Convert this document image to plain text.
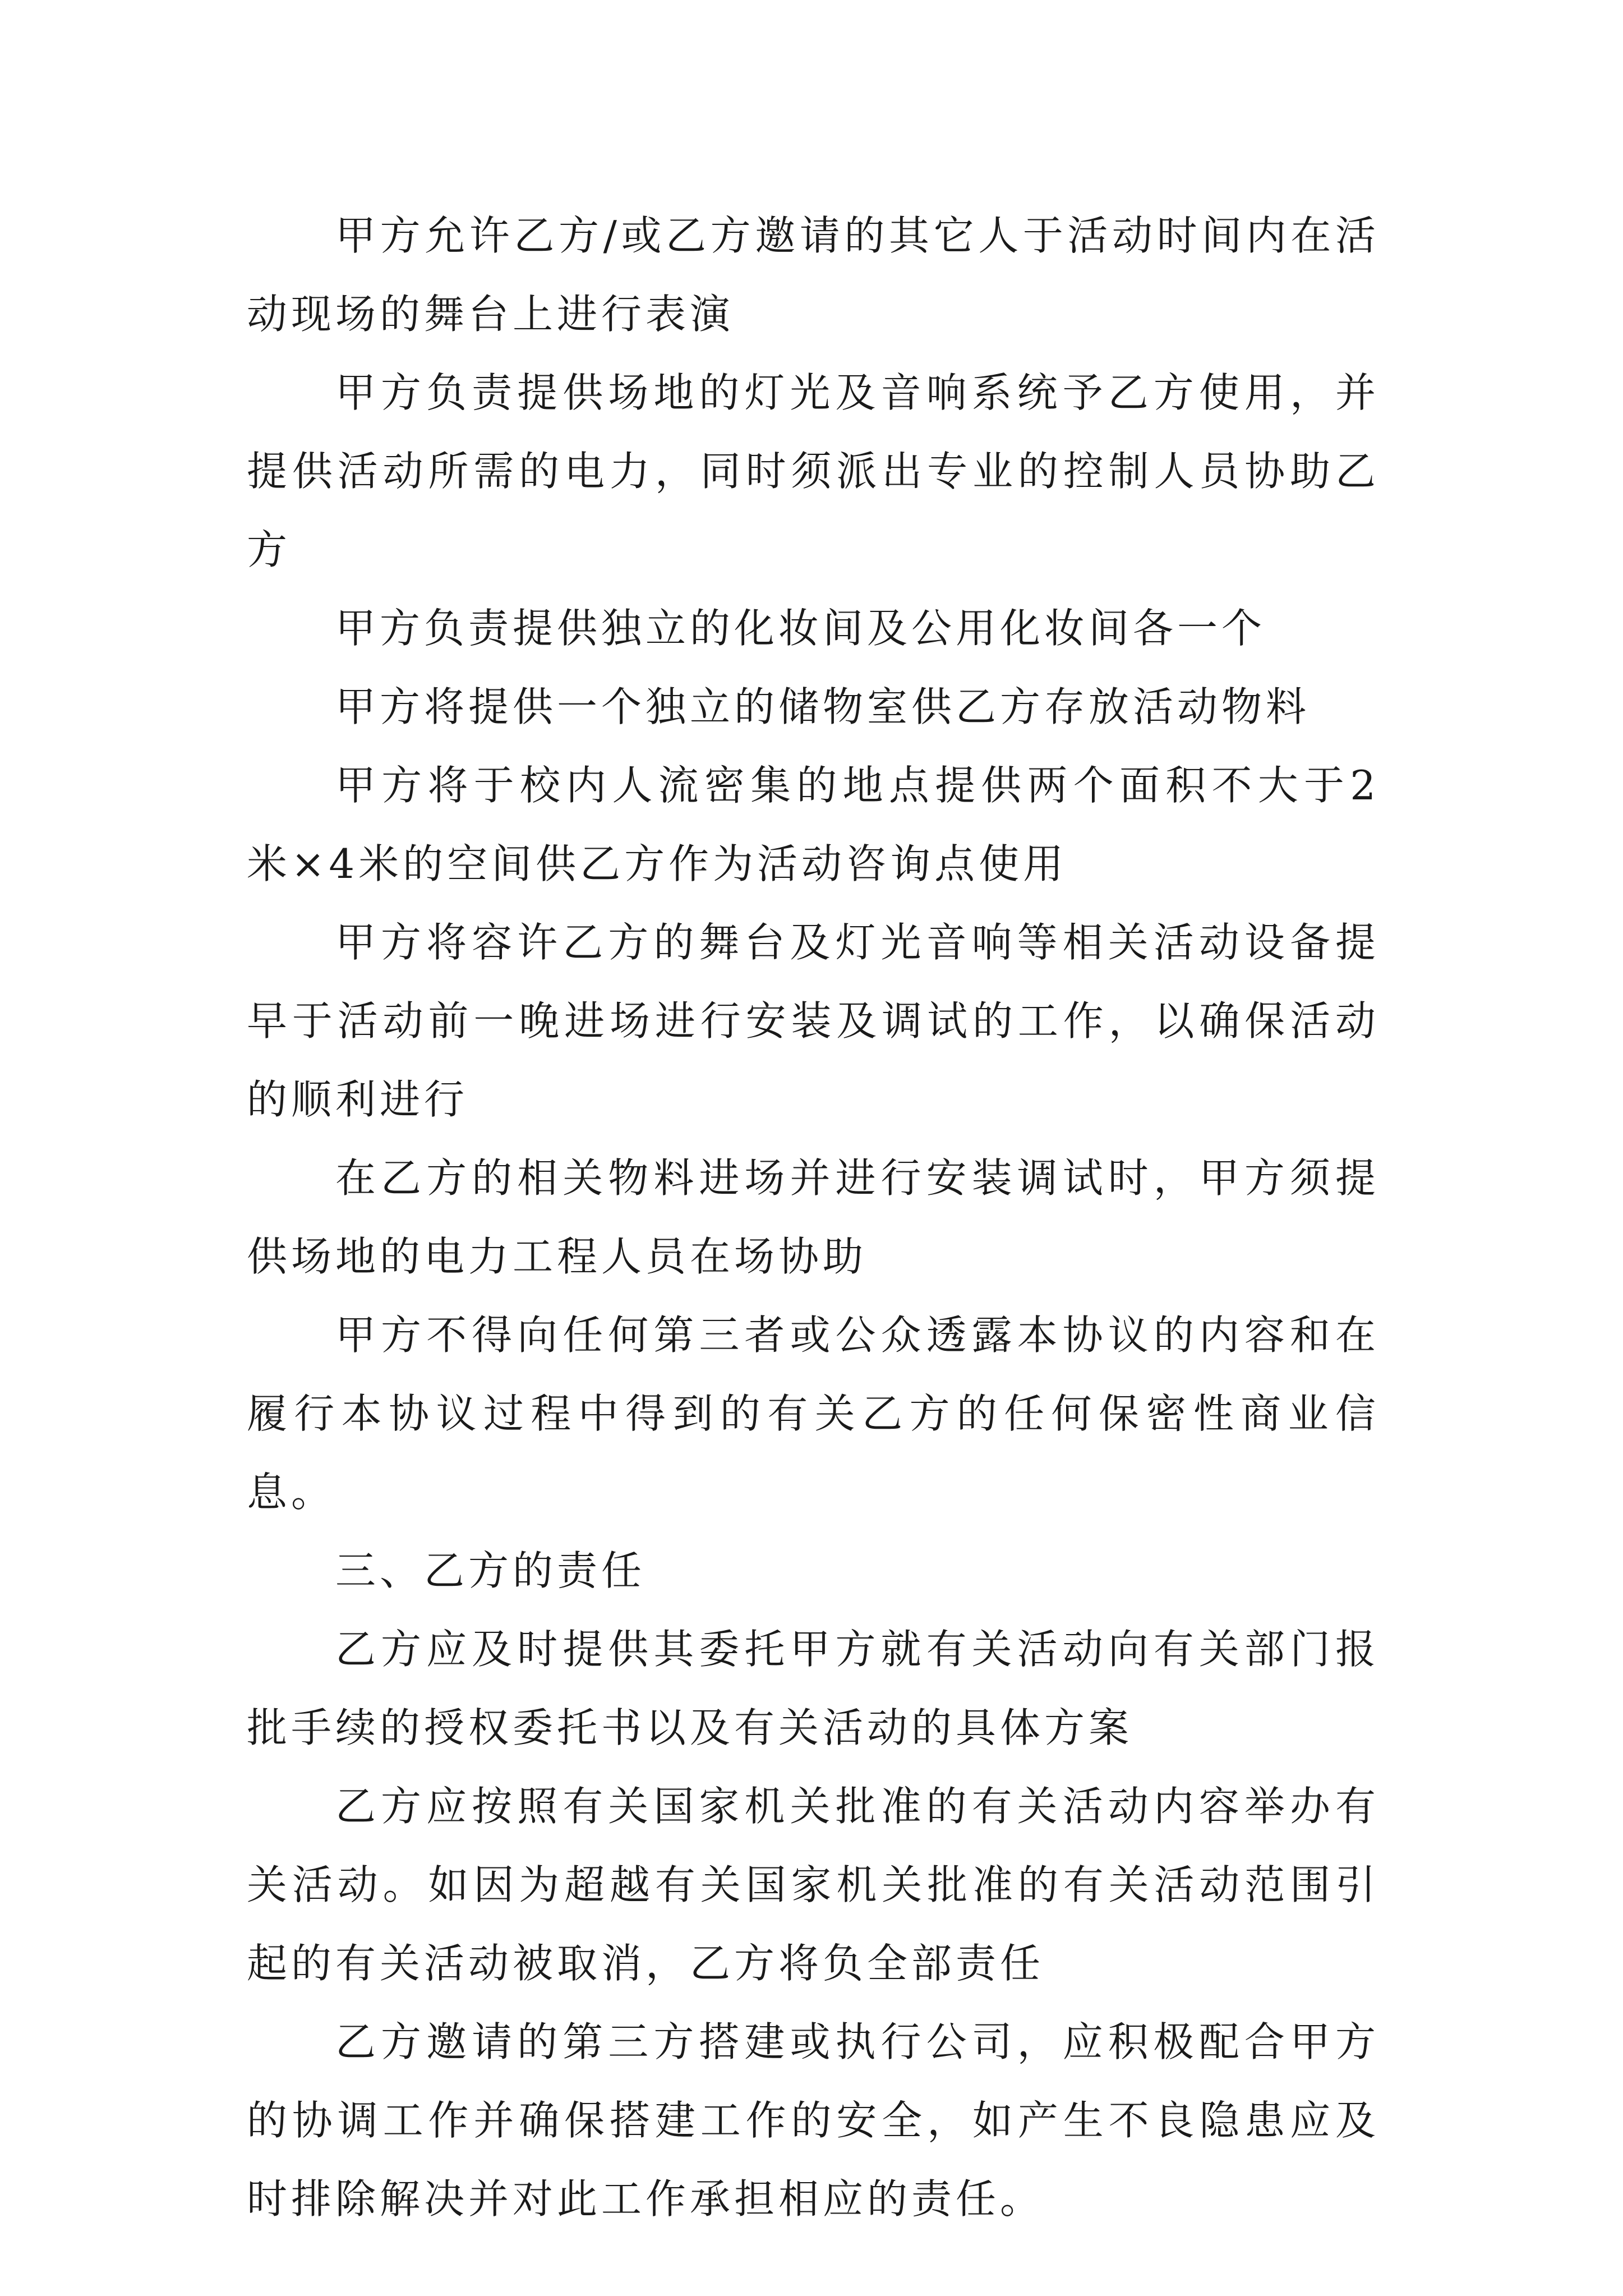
甲方允许乙方/或乙方邀请的其它人于活动时间内在活动现场的舞台上进行表演

甲方负责提供场地的灯光及音响系统予乙方使用，并提供活动所需的电力，同时须派出专业的控制人员协助乙方

甲方负责提供独立的化妆间及公用化妆间各一个

甲方将提供一个独立的储物室供乙方存放活动物料

甲方将于校内人流密集的地点提供两个面积不大于2米×4米的空间供乙方作为活动咨询点使用

甲方将容许乙方的舞台及灯光音响等相关活动设备提早于活动前一晚进场进行安装及调试的工作，以确保活动的顺利进行

在乙方的相关物料进场并进行安装调试时，甲方须提供场地的电力工程人员在场协助

甲方不得向任何第三者或公众透露本协议的内容和在履行本协议过程中得到的有关乙方的任何保密性商业信息。

三、乙方的责任

乙方应及时提供其委托甲方就有关活动向有关部门报批手续的授权委托书以及有关活动的具体方案

乙方应按照有关国家机关批准的有关活动内容举办有关活动。如因为超越有关国家机关批准的有关活动范围引起的有关活动被取消，乙方将负全部责任

乙方邀请的第三方搭建或执行公司，应积极配合甲方的协调工作并确保搭建工作的安全，如产生不良隐患应及时排除解决并对此工作承担相应的责任。
